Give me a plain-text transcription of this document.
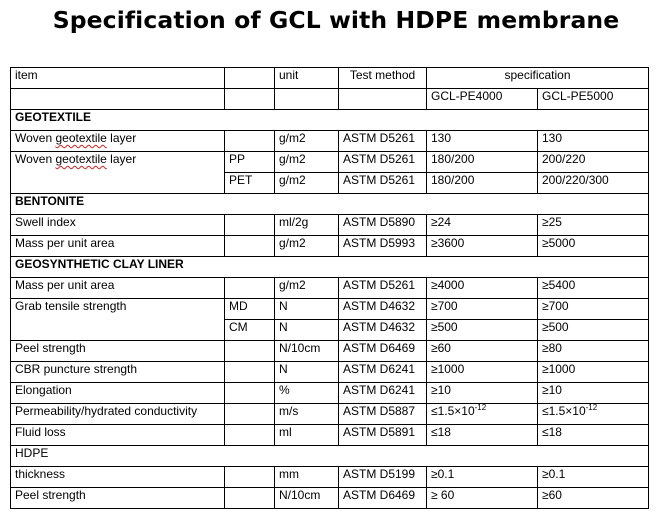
Specification of GCL with HDPE membrane
item		unit	Test method	specification	
				GCL-PE4000	GCL-PE5000
GEOTEXTILE					
Woven geotextile layer		g/m2	ASTM D5261	130	130
Woven geotextile layer	PP	g/m2	ASTM D5261	180/200	200/220
	PET	g/m2	ASTM D5261	180/200	200/220/300
BENTONITE					
Swell index		ml/2g	ASTM D5890	≥24	≥25
Mass per unit area		g/m2	ASTM D5993	≥3600	≥5000
GEOSYNTHETIC CLAY LINER					
Mass per unit area		g/m2	ASTM D5261	≥4000	≥5400
Grab tensile strength	MD	N	ASTM D4632	≥700	≥700
	CM	N	ASTM D4632	≥500	≥500
Peel strength		N/10cm	ASTM D6469	≥60	≥80
CBR puncture strength		N	ASTM D6241	≥1000	≥1000
Elongation		%	ASTM D6241	≥10	≥10
Permeability/hydrated conductivity		m/s	ASTM D5887	$\le 1.5\times 10^{-12}$	$\le 1.5\times 10^{-12}$
Fluid loss		ml	ASTM D5891	≤18	≤18
HDPE					
thickness		mm	ASTM D5199	≥0.1	≥0.1
Peel strength		N/10cm	ASTM D6469	≥ 60	≥60
